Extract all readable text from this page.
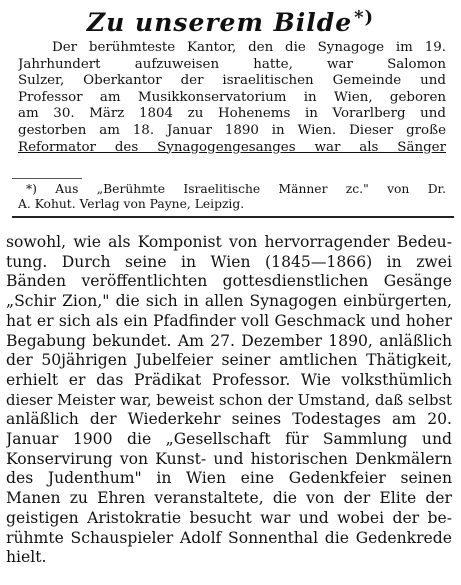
Zu unserem Bilde *)
Der berühmteste Kantor, den die Synagoge im 19.
Jahrhundert aufzuweisen hatte, war Salomon
Sulzer, Oberkantor der israelitischen Gemeinde und
Professor am Musikkonservatorium in Wien, geboren
am 30. März 1804 zu Hohenems in Vorarlberg und
gestorben am 18. Januar 1890 in Wien. Dieser große
Reformator des Synagogengesanges war als Sänger
*) Aus „Berühmte Israelitische Männer zc." von Dr.
A. Kohut. Verlag von Payne, Leipzig.
sowohl, wie als Komponist von hervorragender Bedeu-
tung. Durch seine in Wien (1845—1866) in zwei
Bänden veröffentlichten gottesdienstlichen Gesänge
„Schir Zion," die sich in allen Synagogen einbürgerten,
hat er sich als ein Pfadfinder voll Geschmack und hoher
Begabung bekundet. Am 27. Dezember 1890, anläßlich
der 50jährigen Jubelfeier seiner amtlichen Thätigkeit,
erhielt er das Prädikat Professor. Wie volksthümlich
dieser Meister war, beweist schon der Umstand, daß selbst
anläßlich der Wiederkehr seines Todestages am 20.
Januar 1900 die „Gesellschaft für Sammlung und
Konservirung von Kunst- und historischen Denkmälern
des Judenthum" in Wien eine Gedenkfeier seinen
Manen zu Ehren veranstaltete, die von der Elite der
geistigen Aristokratie besucht war und wobei der be-
rühmte Schauspieler Adolf Sonnenthal die Gedenkrede
hielt.
